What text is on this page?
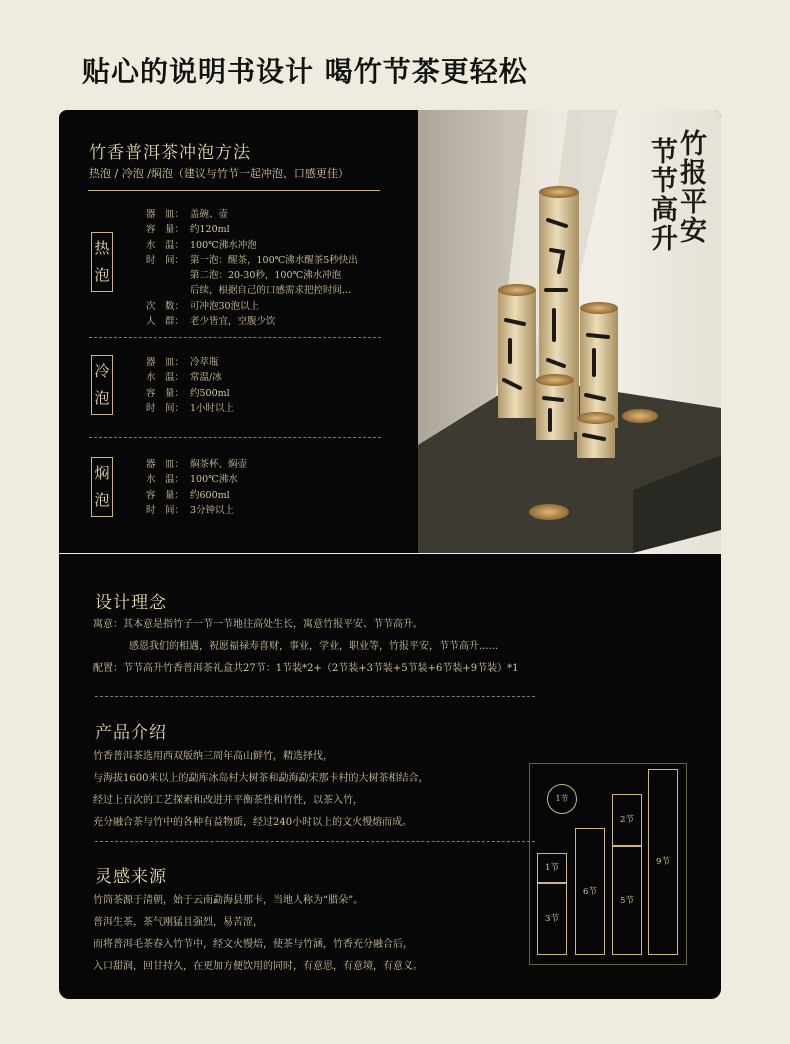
贴心的说明书设计 喝竹节茶更轻松
竹香普洱茶冲泡方法
热泡 / 冷泡 /焖泡（建议与竹节一起冲泡、口感更佳）
热
泡
器　皿： 盖碗、壶
容　量： 约120ml
水　温： 100℃沸水冲泡
时　间： 第一泡：醒茶，100℃沸水醒茶5秒快出
第二泡：20-30秒，100℃沸水冲泡
后续，根据自己的口感需求把控时间...
次　数： 可冲泡30泡以上
人　群： 老少皆宜，空腹少饮
冷
泡
器　皿： 冷萃瓶
水　温： 常温/冰
容　量： 约500ml
时　间： 1小时以上
焖
泡
器　皿： 焖茶杯、焖壶
水　温： 100℃沸水
容　量： 约600ml
时　间： 3分钟以上
竹
报
平
安
节
节
高
升
设计理念
寓意：其本意是指竹子一节一节地往高处生长，寓意竹报平安、节节高升。
感恩我们的相遇，祝愿福禄寿喜财，事业，学业，职业等，竹报平安，节节高升......
配置：节节高升竹香普洱茶礼盒共27节：1节装*2+（2节装+3节装+5节装+6节装+9节装）*1
产品介绍
竹香普洱茶选用西双版纳三周年高山鲜竹，精选择伐，
与海拔1600米以上的勐库冰岛村大树茶和勐海勐宋那卡村的大树茶相结合，
经过上百次的工艺探索和改进并平衡茶性和竹性，以茶入竹，
充分融合茶与竹中的各种有益物质，经过240小时以上的文火慢熔而成。
灵感来源
竹筒茶源于清朝，始于云南勐海县那卡，当地人称为“腊朵”。
普洱生茶，茶气刚猛且强烈，易苦涩，
而将普洱毛茶春入竹节中，经文火慢焙，使茶与竹涵，竹香充分融合后，
入口甜润，回甘持久，在更加方便饮用的同时，有意思，有意境，有意义。
1节
1节
3节
6节
2节
5节
9节
